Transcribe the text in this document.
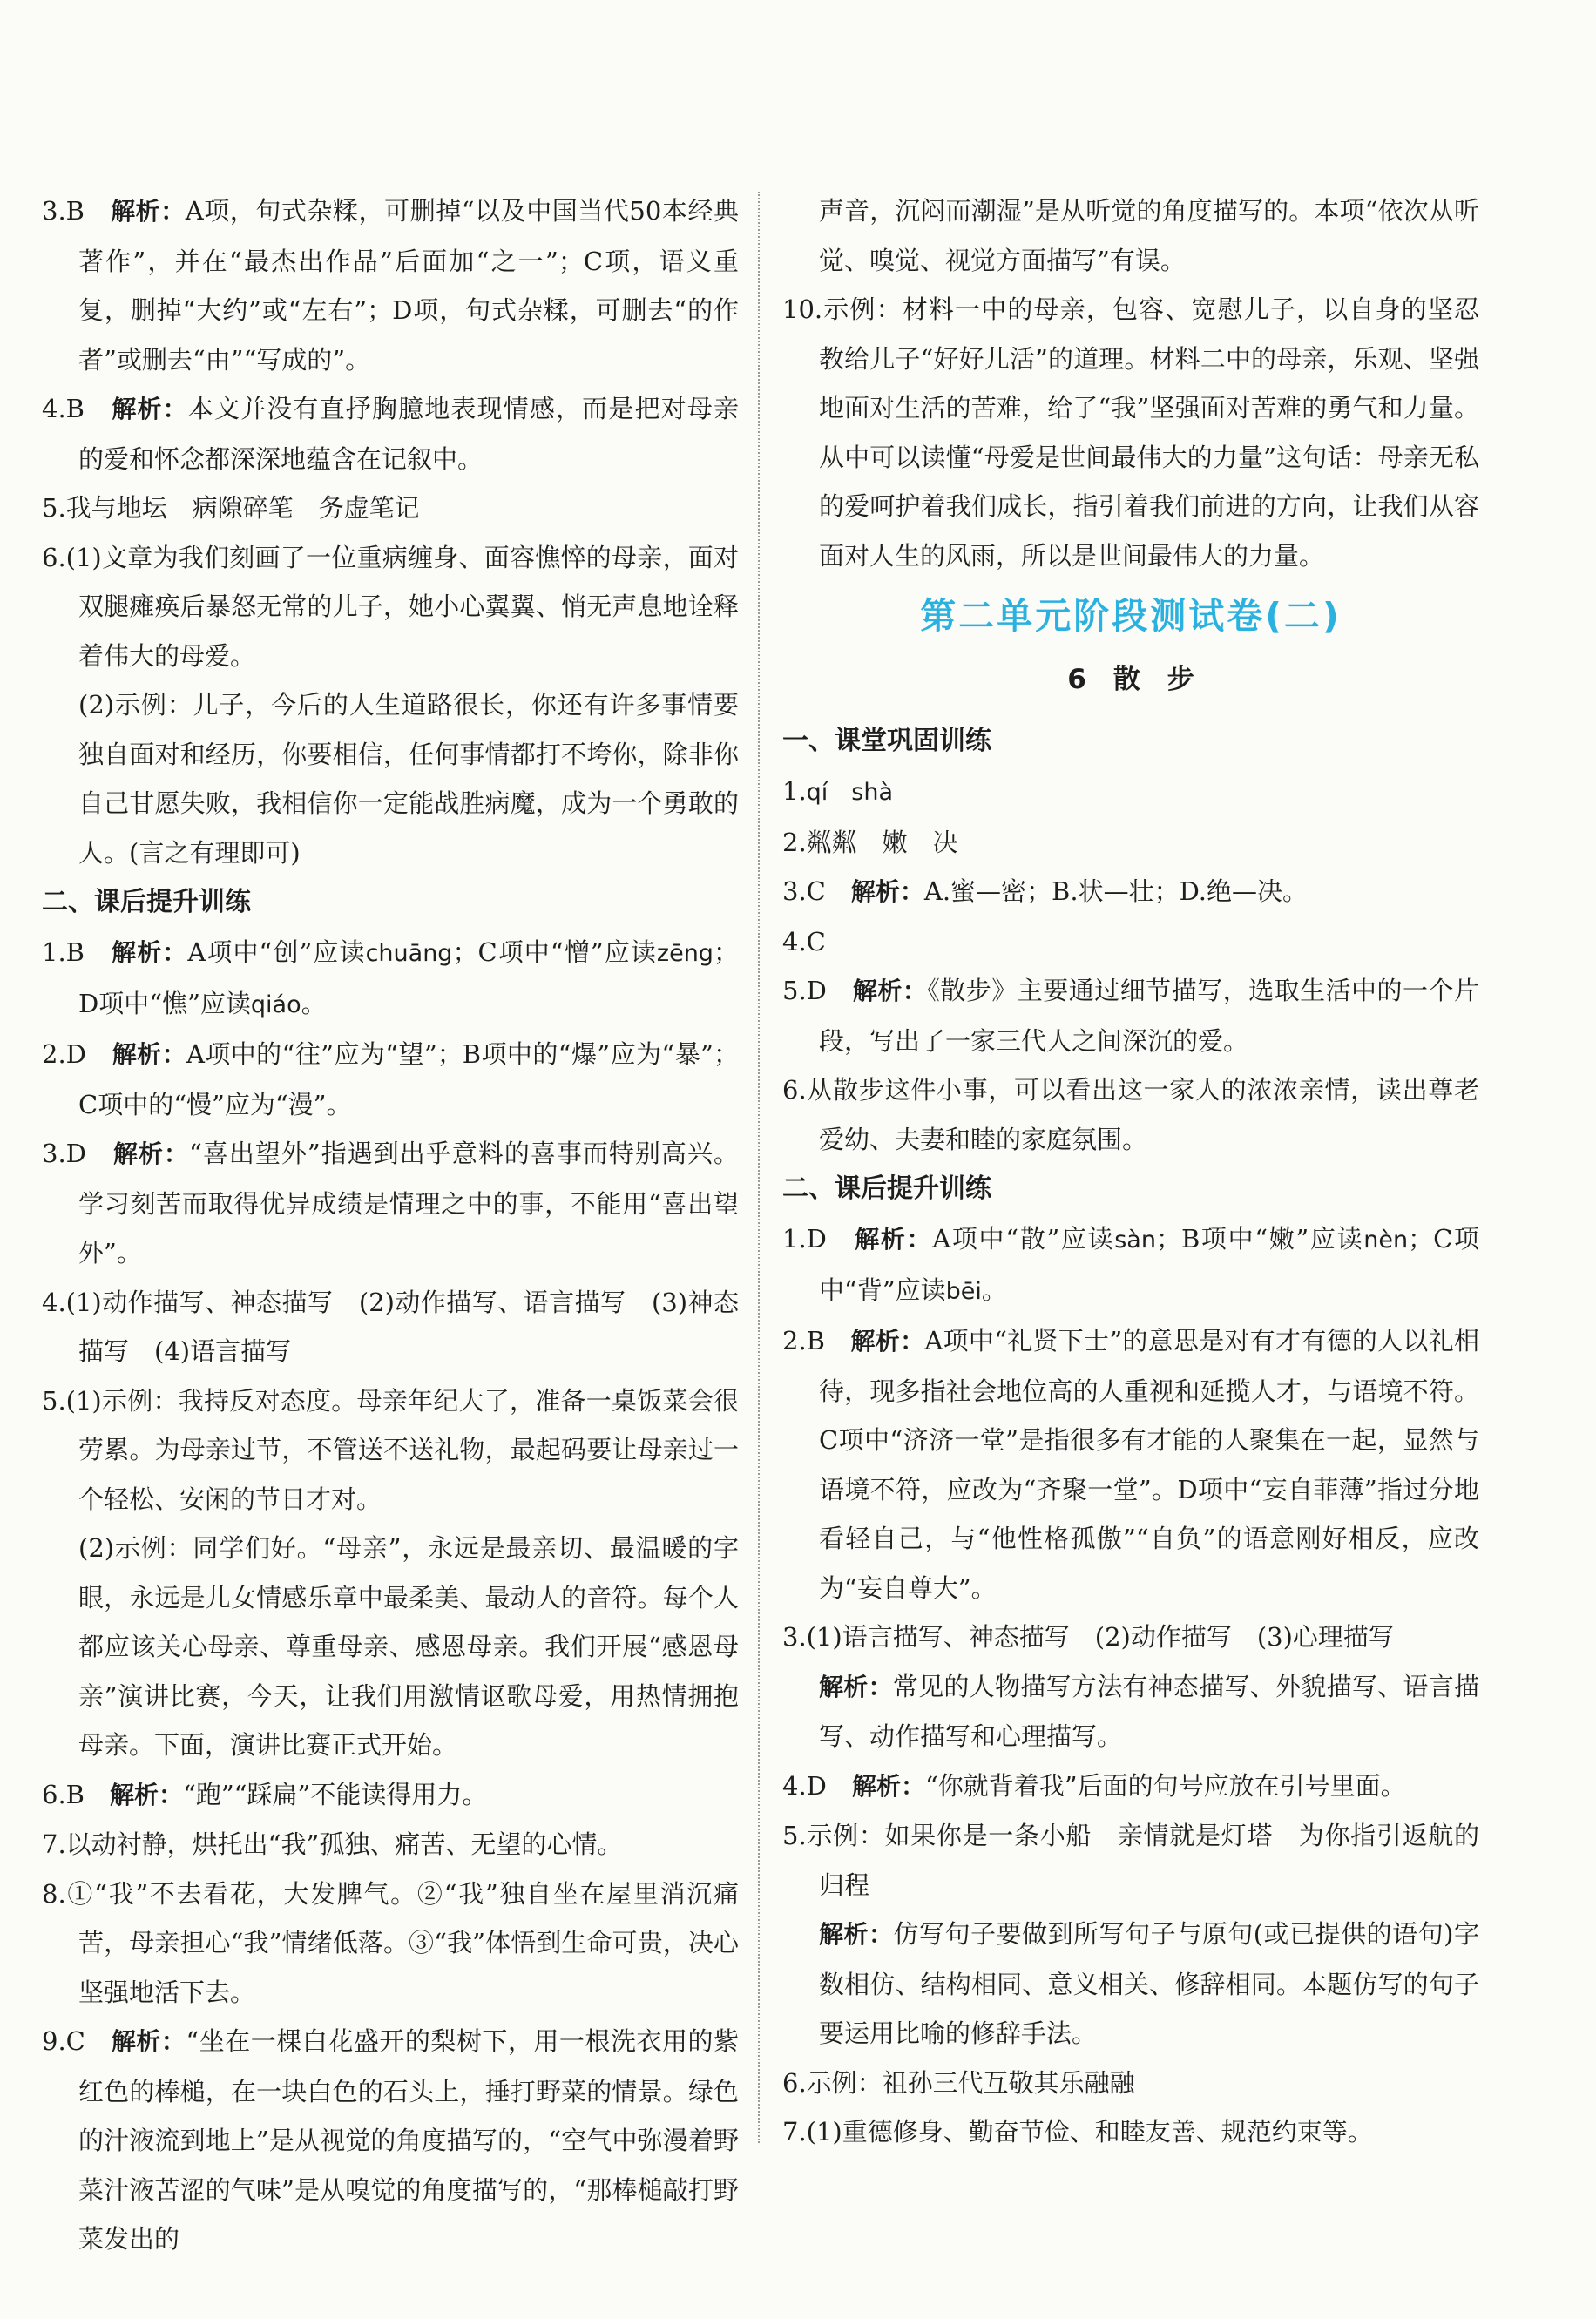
3.B　 解析：A项，句式杂糅，可删掉“以及中国当代50本经典著作”，并在“最杰出作品”后面加“之一”；C项，语义重复，删掉“大约”或“左右”；D项，句式杂糅，可删去“的作者”或删去“由”“写成的”。

4.B　 解析：本文并没有直抒胸臆地表现情感，而是把对母亲的爱和怀念都深深地蕴含在记叙中。

5.我与地坛　病隙碎笔　务虚笔记

6.(1)文章为我们刻画了一位重病缠身、面容憔悴的母亲，面对双腿瘫痪后暴怒无常的儿子，她小心翼翼、悄无声息地诠释着伟大的母爱。

(2)示例：儿子，今后的人生道路很长，你还有许多事情要独自面对和经历，你要相信，任何事情都打不垮你，除非你自己甘愿失败，我相信你一定能战胜病魔，成为一个勇敢的人。(言之有理即可)

二、课后提升训练

1.B　 解析：A项中“创”应读chuāng；C项中“憎”应读zēng；D项中“憔”应读qiáo。

2.D　 解析：A项中的“往”应为“望”；B项中的“爆”应为“暴”；C项中的“慢”应为“漫”。

3.D　 解析：“喜出望外”指遇到出乎意料的喜事而特别高兴。学习刻苦而取得优异成绩是情理之中的事，不能用“喜出望外”。

4.(1)动作描写、神态描写　(2)动作描写、语言描写　(3)神态描写　(4)语言描写

5.(1)示例：我持反对态度。母亲年纪大了，准备一桌饭菜会很劳累。为母亲过节，不管送不送礼物，最起码要让母亲过一个轻松、安闲的节日才对。

(2)示例：同学们好。“母亲”，永远是最亲切、最温暖的字眼，永远是儿女情感乐章中最柔美、最动人的音符。每个人都应该关心母亲、尊重母亲、感恩母亲。我们开展“感恩母亲”演讲比赛，今天，让我们用激情讴歌母爱，用热情拥抱母亲。下面，演讲比赛正式开始。

6.B　 解析：“跑”“踩扁”不能读得用力。

7.以动衬静，烘托出“我”孤独、痛苦、无望的心情。

8.①“我”不去看花，大发脾气。②“我”独自坐在屋里消沉痛苦，母亲担心“我”情绪低落。③“我”体悟到生命可贵，决心坚强地活下去。

9.C　 解析：“坐在一棵白花盛开的梨树下，用一根洗衣用的紫红色的棒槌，在一块白色的石头上，捶打野菜的情景。绿色的汁液流到地上”是从视觉的角度描写的，“空气中弥漫着野菜汁液苦涩的气味”是从嗅觉的角度描写的，“那棒槌敲打野菜发出的

声音，沉闷而潮湿”是从听觉的角度描写的。本项“依次从听觉、嗅觉、视觉方面描写”有误。

10.示例：材料一中的母亲，包容、宽慰儿子，以自身的坚忍教给儿子“好好儿活”的道理。材料二中的母亲，乐观、坚强地面对生活的苦难，给了“我”坚强面对苦难的勇气和力量。从中可以读懂“母爱是世间最伟大的力量”这句话：母亲无私的爱呵护着我们成长，指引着我们前进的方向，让我们从容面对人生的风雨，所以是世间最伟大的力量。

第二单元阶段测试卷(二)

6　散　步

一、课堂巩固训练

1.qí　shà

2.粼粼　嫩　决

3.C　 解析：A.蜜—密；B.状—壮；D.绝—决。

4.C

5.D　 解析：《散步》主要通过细节描写，选取生活中的一个片段，写出了一家三代人之间深沉的爱。

6.从散步这件小事，可以看出这一家人的浓浓亲情，读出尊老爱幼、夫妻和睦的家庭氛围。

二、课后提升训练

1.D　 解析：A项中“散”应读sàn；B项中“嫩”应读nèn；C项中“背”应读bēi。

2.B　 解析：A项中“礼贤下士”的意思是对有才有德的人以礼相待，现多指社会地位高的人重视和延揽人才，与语境不符。C项中“济济一堂”是指很多有才能的人聚集在一起，显然与语境不符，应改为“齐聚一堂”。D项中“妄自菲薄”指过分地看轻自己，与“他性格孤傲”“自负”的语意刚好相反，应改为“妄自尊大”。

3.(1)语言描写、神态描写　(2)动作描写　(3)心理描写

解析：常见的人物描写方法有神态描写、外貌描写、语言描写、动作描写和心理描写。

4.D　 解析：“你就背着我”后面的句号应放在引号里面。

5.示例：如果你是一条小船　亲情就是灯塔　为你指引返航的归程

解析：仿写句子要做到所写句子与原句(或已提供的语句)字数相仿、结构相同、意义相关、修辞相同。本题仿写的句子要运用比喻的修辞手法。

6.示例：祖孙三代互敬其乐融融

7.(1)重德修身、勤奋节俭、和睦友善、规范约束等。
